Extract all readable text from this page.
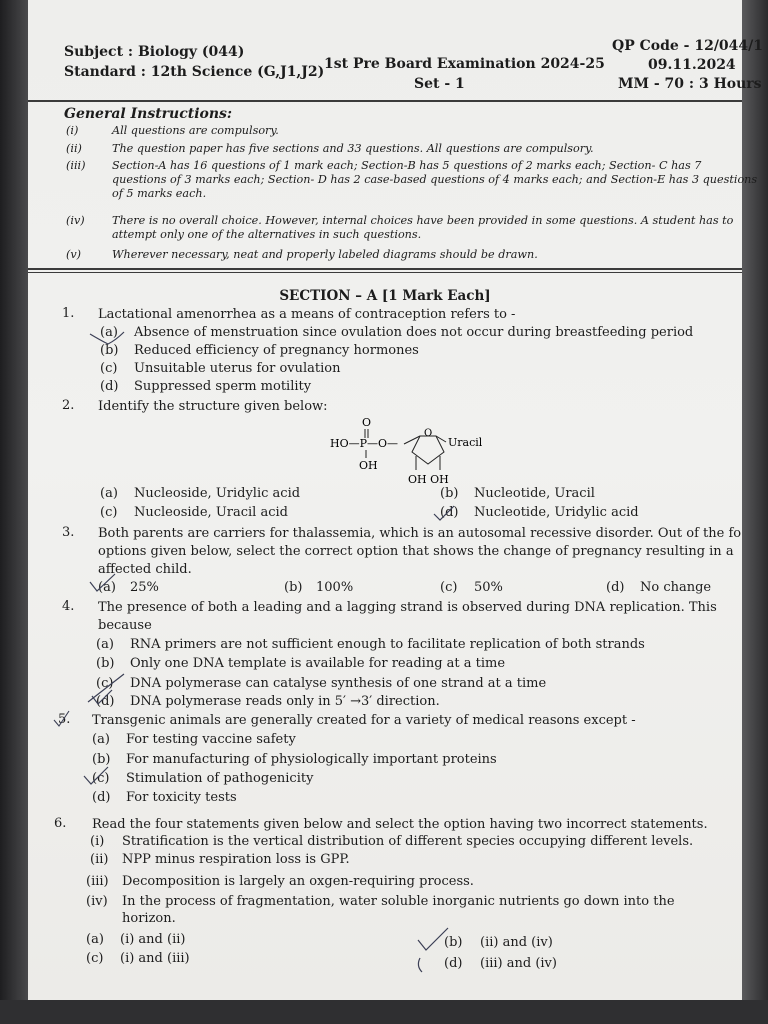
Subject : Biology (044)
Standard : 12th Science (G,J1,J2) 1st Pre Board Examination 2024-25
Set - 1
QP Code - 12/044/1
09.11.2024
MM - 70 : 3 Hours
General Instructions:
(i)	All questions are compulsory.
(ii)	The question paper has five sections and 33 questions. All questions are compulsory.
(iii) Section-A has 16 questions of 1 mark each; Section-B has 5 questions of 2 marks each; Section- C has 7
questions of 3 marks each; Section- D has 2 case-based questions of 4 marks each; and Section-E has 3 questions
of 5 marks each.
(iv) There is no overall choice. However, internal choices have been provided in some questions. A student has to
attempt only one of the alternatives in such questions.
(v)	Wherever necessary, neat and properly labeled diagrams should be drawn.
SECTION – A [1 Mark Each]
1. Lactational amenorrhea as a means of contraception refers to -
(a) Absence of menstruation since ovulation does not occur during breastfeeding period
(b) Reduced efficiency of pregnancy hormones
(c) Unsuitable uterus for ovulation
(d) Suppressed sperm motility
2. Identify the structure given below:
O
HO—P—O—
OH
O
Uracil
OH OH
(a) Nucleoside, Uridylic acid	(b) Nucleotide, Uracil
(c) Nucleoside, Uracil acid	(d) Nucleotide, Uridylic acid
3. Both parents are carriers for thalassemia, which is an autosomal recessive disorder. Out of the fo
options given below, select the correct option that shows the change of pregnancy resulting in a
affected child.
(a) 25%	(b) 100%	(c) 50%	(d) No change
4. The presence of both a leading and a lagging strand is observed during DNA replication. This
because
(a) RNA primers are not sufficient enough to facilitate replication of both strands
(b) Only one DNA template is available for reading at a time
(c) DNA polymerase can catalyse synthesis of one strand at a time
(d) DNA polymerase reads only in 5′ →3′ direction.
5. Transgenic animals are generally created for a variety of medical reasons except -
(a) For testing vaccine safety
(b) For manufacturing of physiologically important proteins
(c) Stimulation of pathogenicity
(d) For toxicity tests
6. Read the four statements given below and select the option having two incorrect statements.
(i) Stratification is the vertical distribution of different species occupying different levels.
(ii) NPP minus respiration loss is GPP.
(iii) Decomposition is largely an oxgen-requiring process.
(iv) In the process of fragmentation, water soluble inorganic nutrients go down into the
horizon.
(a) (i) and (ii)	(b) (ii) and (iv)
(c) (i) and (iii)	(d) (iii) and (iv)
